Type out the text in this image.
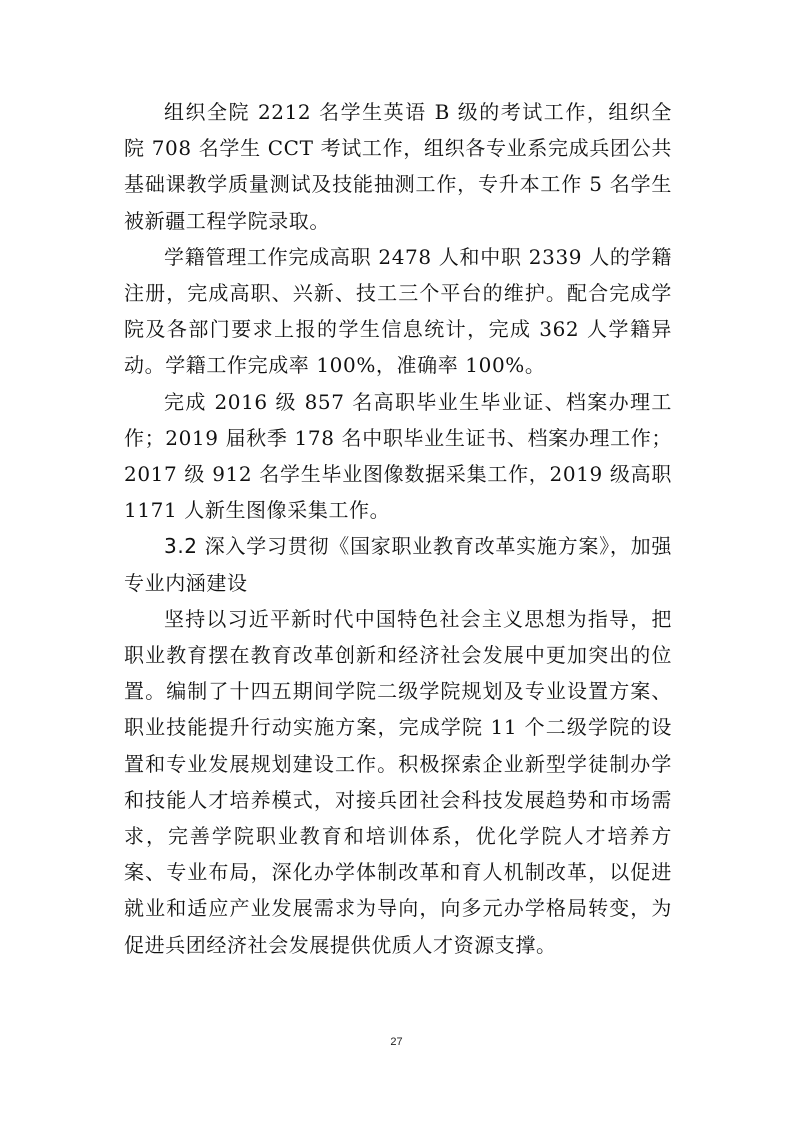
组织全院 2212 名学生英语 B 级的考试工作，组织全院 708 名学生 CCT 考试工作，组织各专业系完成兵团公共基础课教学质量测试及技能抽测工作，专升本工作 5 名学生被新疆工程学院录取。

学籍管理工作完成高职 2478 人和中职 2339 人的学籍注册，完成高职、兴新、技工三个平台的维护。配合完成学院及各部门要求上报的学生信息统计，完成 362 人学籍异动。学籍工作完成率 100%，准确率 100%。

完成 2016 级 857 名高职毕业生毕业证、档案办理工作；2019 届秋季 178 名中职毕业生证书、档案办理工作；2017 级 912 名学生毕业图像数据采集工作，2019 级高职 1171 人新生图像采集工作。

3.2 深入学习贯彻《国家职业教育改革实施方案》，加强专业内涵建设

坚持以习近平新时代中国特色社会主义思想为指导，把职业教育摆在教育改革创新和经济社会发展中更加突出的位置。编制了十四五期间学院二级学院规划及专业设置方案、职业技能提升行动实施方案，完成学院 11 个二级学院的设置和专业发展规划建设工作。积极探索企业新型学徒制办学和技能人才培养模式，对接兵团社会科技发展趋势和市场需求，完善学院职业教育和培训体系，优化学院人才培养方案、专业布局，深化办学体制改革和育人机制改革，以促进就业和适应产业发展需求为导向，向多元办学格局转变，为促进兵团经济社会发展提供优质人才资源支撑。

27
